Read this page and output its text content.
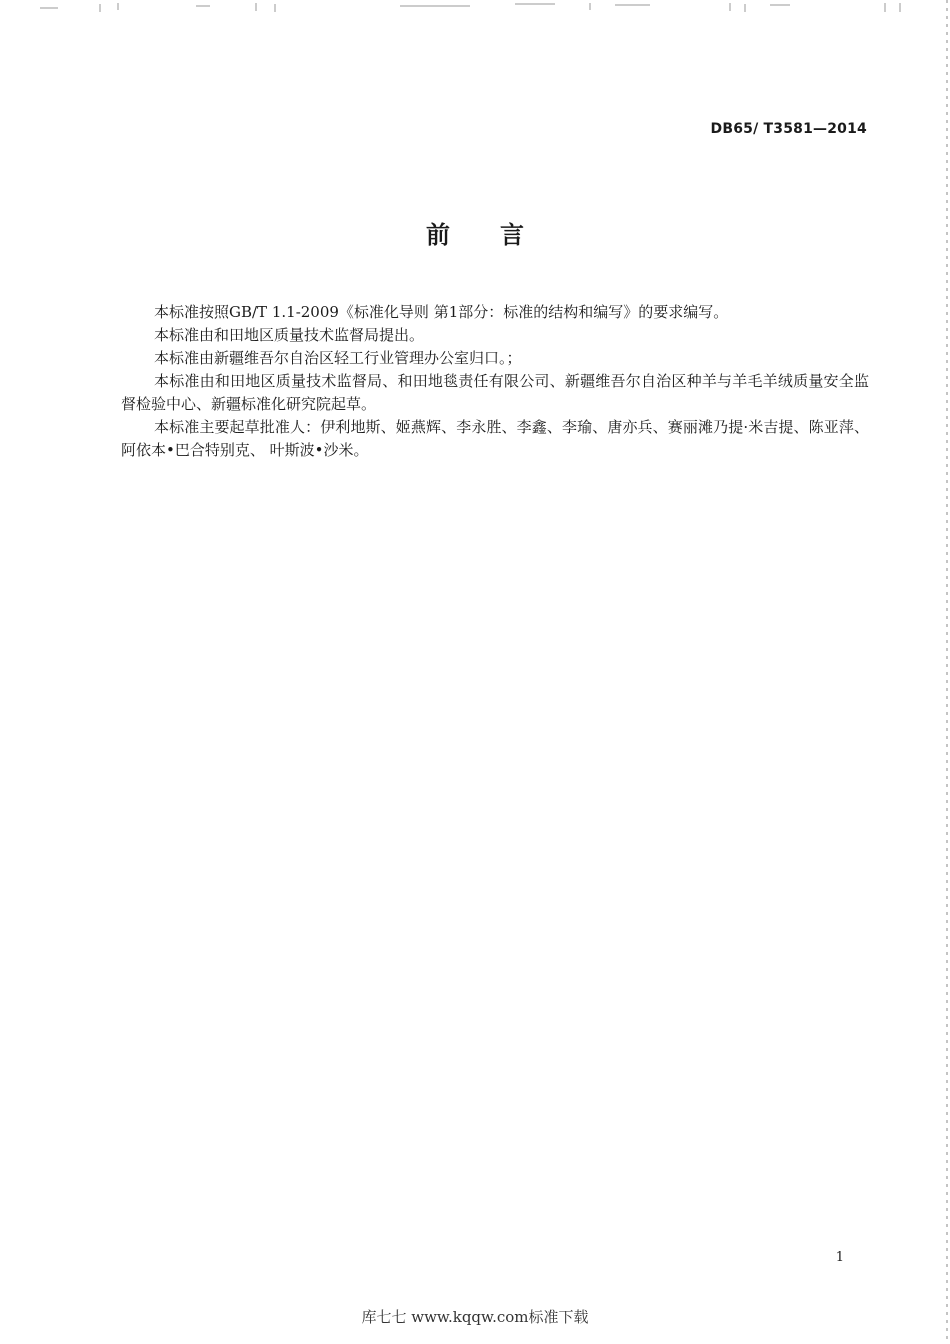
DB65/ T3581—2014
前言

本标准按照GB/T 1.1-2009《标准化导则 第1部分：标准的结构和编写》的要求编写。

本标准由和田地区质量技术监督局提出。

本标准由新疆维吾尔自治区轻工行业管理办公室归口。；

本标准由和田地区质量技术监督局、和田地毯责任有限公司、新疆维吾尔自治区种羊与羊毛羊绒质量安全监督检验中心、新疆标准化研究院起草。

本标准主要起草批准人：伊利地斯、姬燕辉、李永胜、李鑫、李瑜、唐亦兵、赛丽滩乃提·米吉提、陈亚萍、阿依本•巴合特别克、 叶斯波•沙米。

1
库七七 www.kqqw.com标准下载
